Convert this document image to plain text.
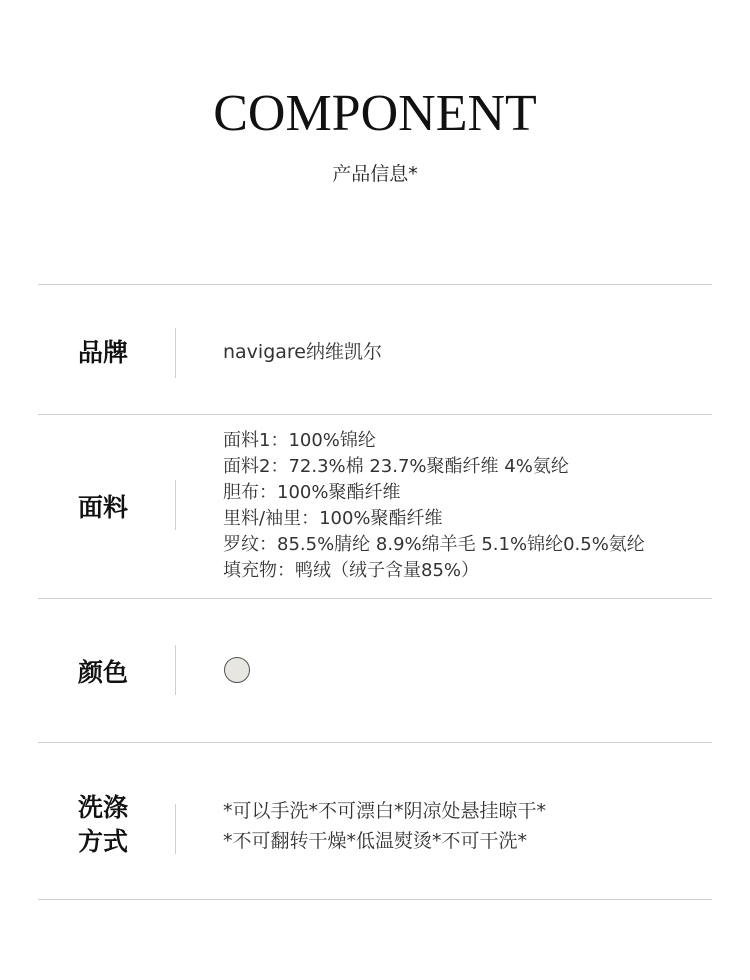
COMPONENT
产品信息*
品牌	navigare纳维凯尔
面料
面料1：100%锦纶
面料2：72.3%棉 23.7%聚酯纤维 4%氨纶
胆布：100%聚酯纤维
里料/袖里：100%聚酯纤维
罗纹：85.5%腈纶 8.9%绵羊毛 5.1%锦纶0.5%氨纶
填充物：鸭绒（绒子含量85%）
颜色
洗涤
方式
*可以手洗*不可漂白*阴凉处悬挂晾干*
*不可翻转干燥*低温熨烫*不可干洗*
